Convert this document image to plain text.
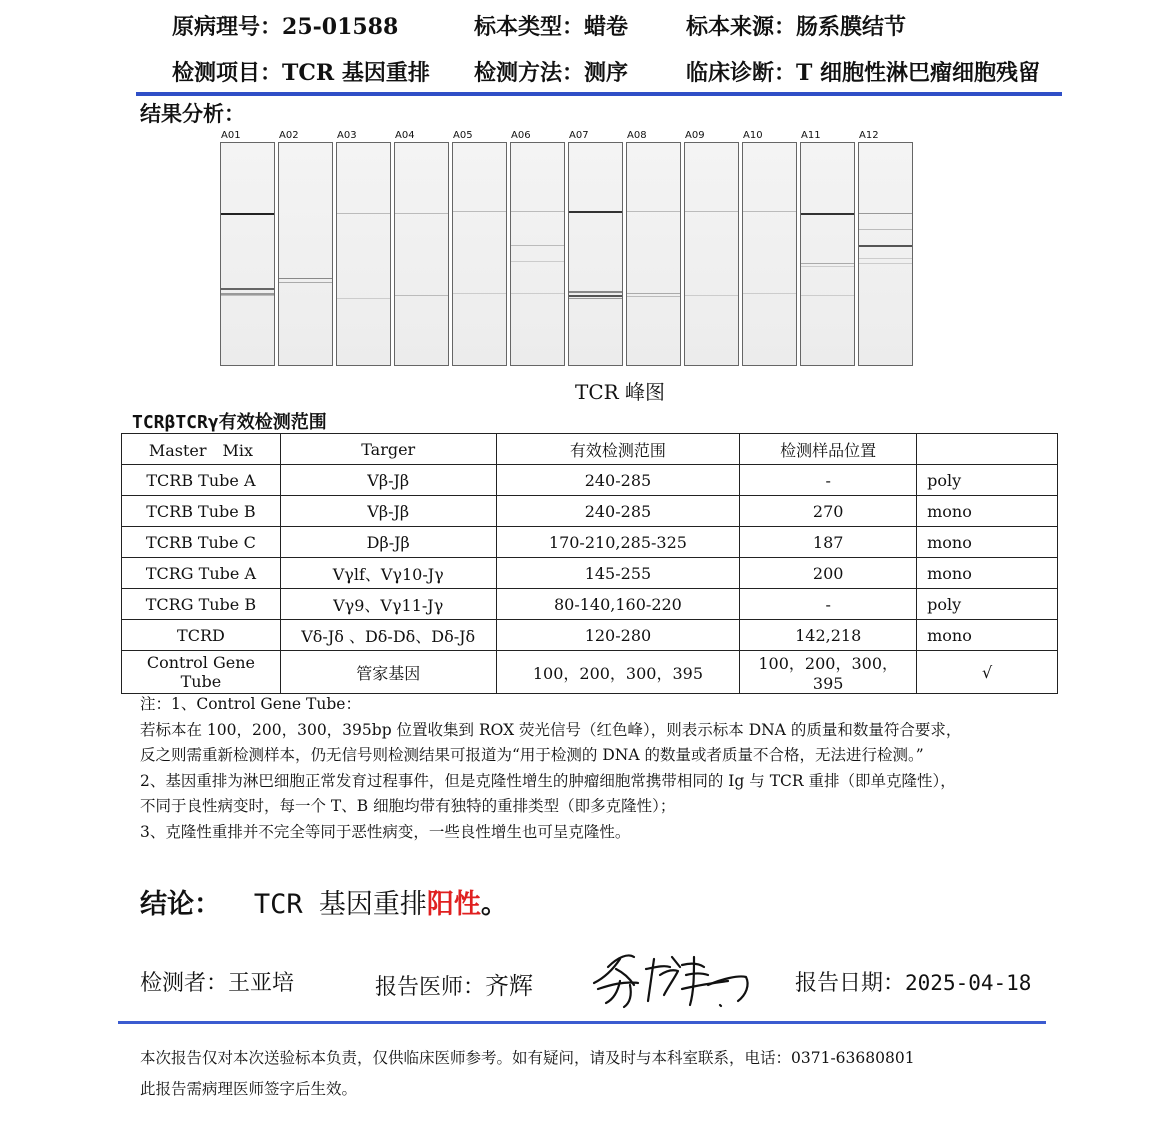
原病理号：25-01588	标本类型：蜡卷	标本来源：肠系膜结节
检测项目：TCR 基因重排 检测方法：测序	临床诊断：T 细胞性淋巴瘤细胞残留
结果分析：
A01	A02	A03	A04	A05	A06	A07	A08	A09	A10	A11	A12
TCR 峰图
TCRβTCRγ有效检测范围
Master　Mix	Targer	有效检测范围	检测样品位置	
TCRB Tube A	Vβ-Jβ	240-285	-	poly
TCRB Tube B	Vβ-Jβ	240-285	270	mono
TCRB Tube C	Dβ-Jβ	170-210,285-325	187	mono
TCRG Tube A	Vγlf、Vγ10-Jγ	145-255	200	mono
TCRG Tube B	Vγ9、Vγ11-Jγ	80-140,160-220	-	poly
TCRD	Vδ-Jδ 、Dδ-Dδ、Dδ-Jδ	120-280	142,218	mono
Control Gene Tube	管家基因	100，200，300，395	100，200，300，395	√
注：1、Control Gene Tube：
若标本在 100，200，300，395bp 位置收集到 ROX 荧光信号（红色峰），则表示标本 DNA 的质量和数量符合要求，
反之则需重新检测样本，仍无信号则检测结果可报道为“用于检测的 DNA 的数量或者质量不合格，无法进行检测。”
2、基因重排为淋巴细胞正常发育过程事件，但是克隆性增生的肿瘤细胞常携带相同的 Ig 与 TCR 重排（即单克隆性），
不同于良性病变时，每一个 T、B 细胞均带有独特的重排类型（即多克隆性）；
3、克隆性重排并不完全等同于恶性病变，一些良性增生也可呈克隆性。
结论： TCR 基因重排阳性。
检测者：王亚培	报告医师：齐辉	报告日期：2025-04-18
本次报告仅对本次送验标本负责，仅供临床医师参考。如有疑问，请及时与本科室联系，电话：0371-63680801
此报告需病理医师签字后生效。
